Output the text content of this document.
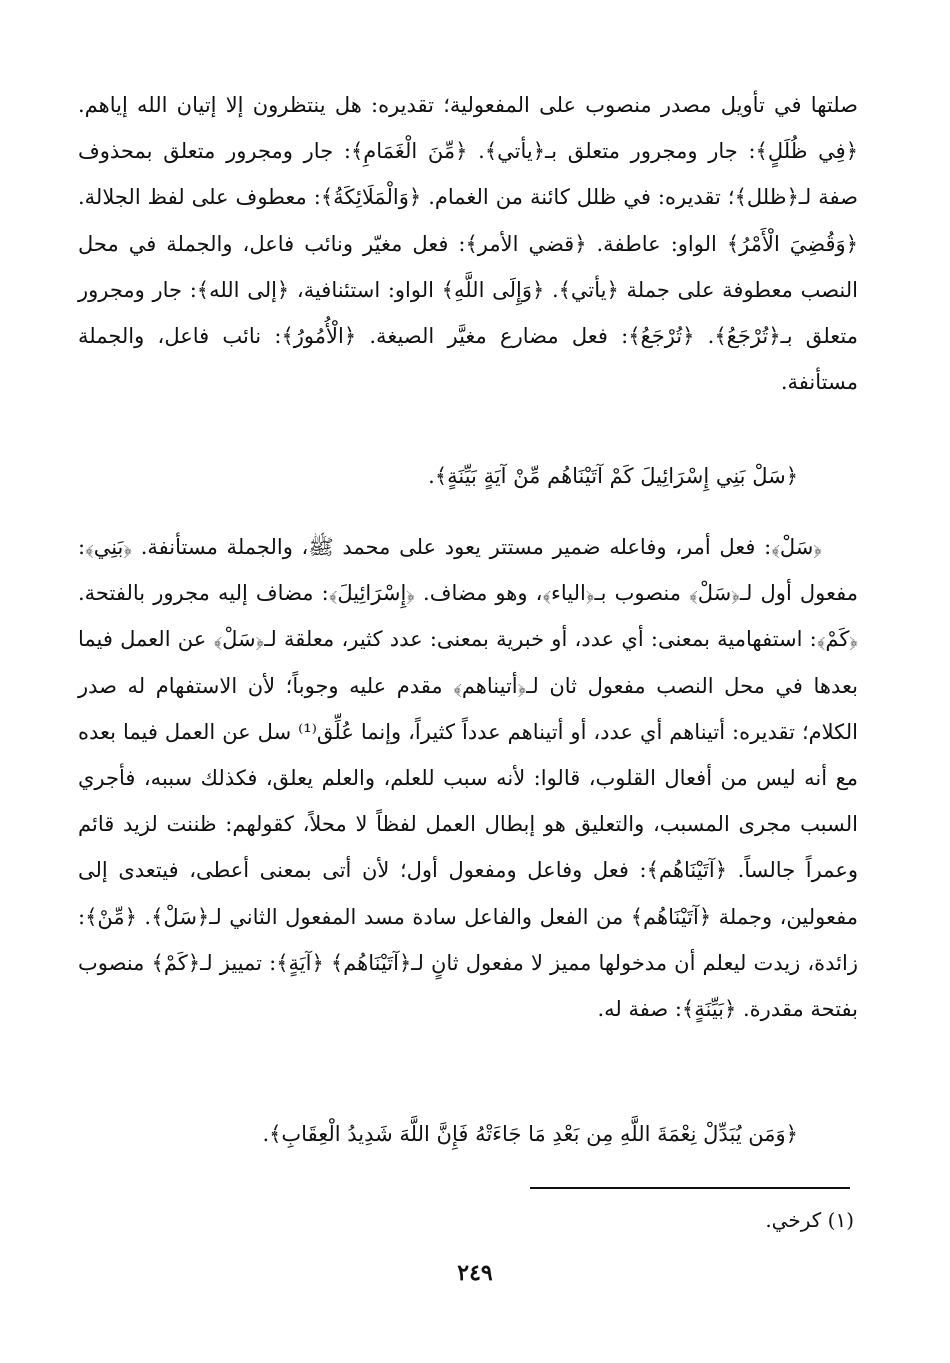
صلتها في تأويل مصدر منصوب على المفعولية؛ تقديره: هل ينتظرون إلا إتيان الله إياهم. ﴿فِي ظُلَلٍ﴾: جار ومجرور متعلق بـ﴿يأتي﴾. ﴿مِّنَ الْغَمَامِ﴾: جار ومجرور متعلق بمحذوف صفة لـ﴿ظلل﴾؛ تقديره: في ظلل كائنة من الغمام. ﴿وَالْمَلَائِكَةُ﴾: معطوف على لفظ الجلالة. ﴿وَقُضِيَ الْأَمْرُ﴾ الواو: عاطفة. ﴿قضي الأمر﴾: فعل مغيّر ونائب فاعل، والجملة في محل النصب معطوفة على جملة ﴿يأتي﴾. ﴿وَإِلَى اللَّهِ﴾ الواو: استئنافية، ﴿إلى الله﴾: جار ومجرور متعلق بـ﴿تُرْجَعُ﴾. ﴿تُرْجَعُ﴾: فعل مضارع مغيَّر الصيغة. ﴿الْأُمُورُ﴾: نائب فاعل، والجملة مستأنفة.

﴿سَلْ بَنِي إِسْرَائِيلَ كَمْ آتَيْنَاهُم مِّنْ آيَةٍ بَيِّنَةٍ﴾.

﴿سَلْ﴾: فعل أمر، وفاعله ضمير مستتر يعود على محمد ﷺ، والجملة مستأنفة. ﴿بَنِي﴾: مفعول أول لـ﴿سَلْ﴾ منصوب بـ﴿الياء﴾، وهو مضاف. ﴿إِسْرَائِيلَ﴾: مضاف إليه مجرور بالفتحة. ﴿كَمْ﴾: استفهامية بمعنى: أي عدد، أو خبرية بمعنى: عدد كثير، معلقة لـ﴿سَلْ﴾ عن العمل فيما بعدها في محل النصب مفعول ثان لـ﴿أتيناهم﴾ مقدم عليه وجوباً؛ لأن الاستفهام له صدر الكلام؛ تقديره: أتيناهم أي عدد، أو أتيناهم عدداً كثيراً، وإنما عُلِّق⁽¹⁾ سل عن العمل فيما بعده مع أنه ليس من أفعال القلوب، قالوا: لأنه سبب للعلم، والعلم يعلق، فكذلك سببه، فأجري السبب مجرى المسبب، والتعليق هو إبطال العمل لفظاً لا محلاً، كقولهم: ظننت لزيد قائم وعمراً جالساً. ﴿آتَيْنَاهُم﴾: فعل وفاعل ومفعول أول؛ لأن أتى بمعنى أعطى، فيتعدى إلى مفعولين، وجملة ﴿آتَيْنَاهُم﴾ من الفعل والفاعل سادة مسد المفعول الثاني لـ﴿سَلْ﴾. ﴿مِّنْ﴾: زائدة، زيدت ليعلم أن مدخولها مميز لا مفعول ثانٍ لـ﴿آتَيْنَاهُم﴾ ﴿آيَةٍ﴾: تمييز لـ﴿كَمْ﴾ منصوب بفتحة مقدرة. ﴿بَيِّنَةٍ﴾: صفة له.

﴿وَمَن يُبَدِّلْ نِعْمَةَ اللَّهِ مِن بَعْدِ مَا جَاءَتْهُ فَإِنَّ اللَّهَ شَدِيدُ الْعِقَابِ﴾.
(١) كرخي.
٢٤٩
